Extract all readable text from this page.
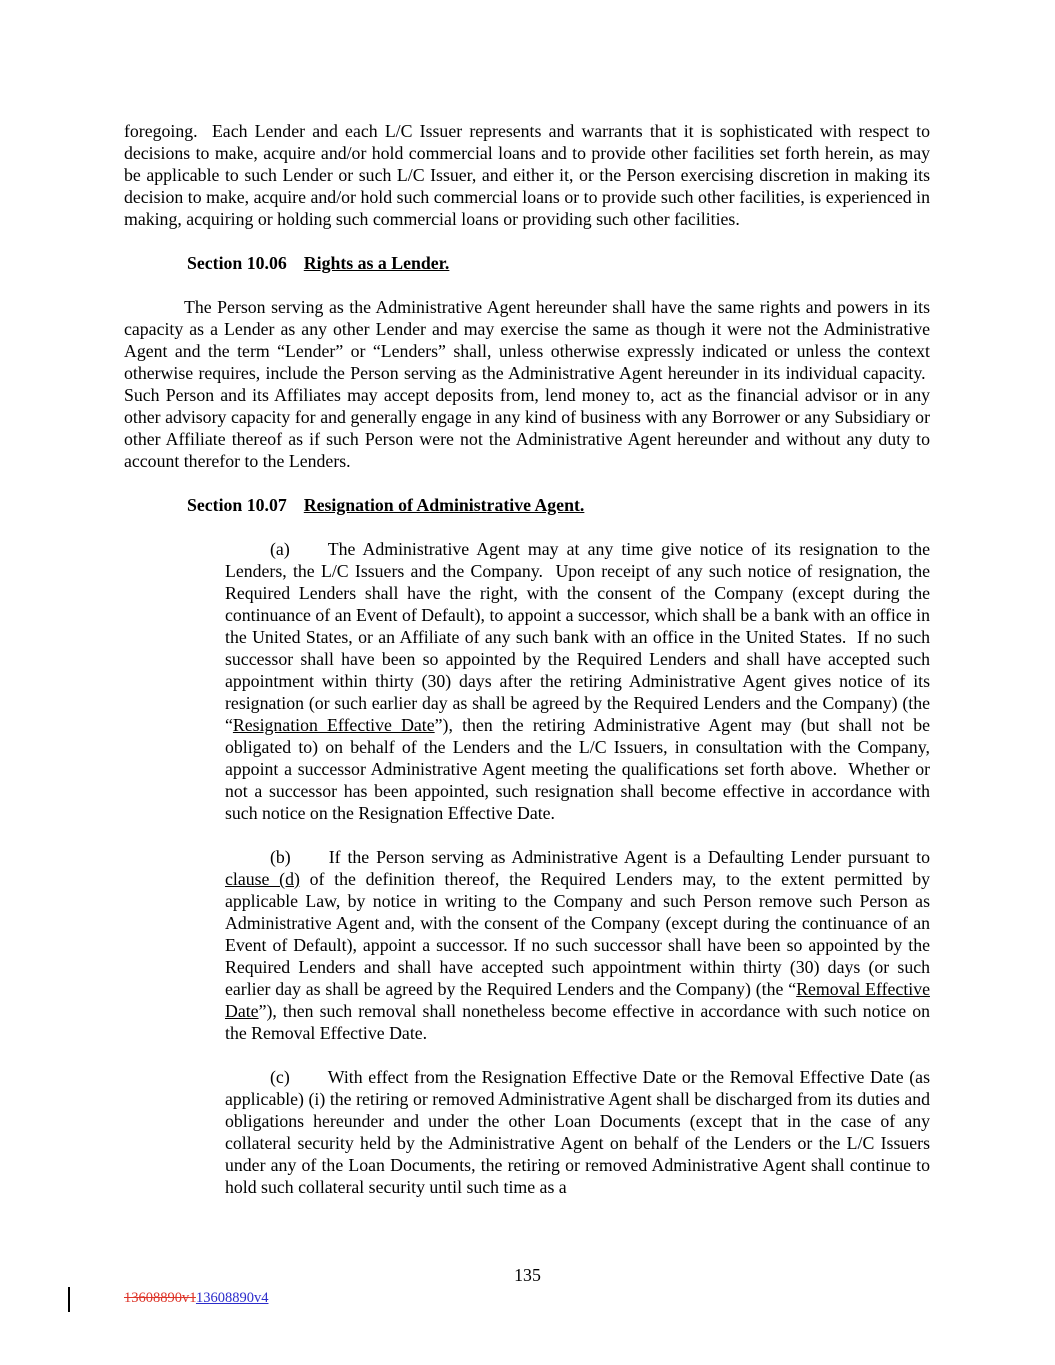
foregoing.  Each Lender and each L/C Issuer represents and warrants that it is sophisticated with respect to decisions to make, acquire and/or hold commercial loans and to provide other facilities set forth herein, as may be applicable to such Lender or such L/C Issuer, and either it, or the Person exercising discretion in making its decision to make, acquire and/or hold such commercial loans or to provide such other facilities, is experienced in making, acquiring or holding such commercial loans or providing such other facilities.

Section 10.06 Rights as a Lender.

The Person serving as the Administrative Agent hereunder shall have the same rights and powers in its capacity as a Lender as any other Lender and may exercise the same as though it were not the Administrative Agent and the term “Lender” or “Lenders” shall, unless otherwise expressly indicated or unless the context otherwise requires, include the Person serving as the Administrative Agent hereunder in its individual capacity.  Such Person and its Affiliates may accept deposits from, lend money to, act as the financial advisor or in any other advisory capacity for and generally engage in any kind of business with any Borrower or any Subsidiary or other Affiliate thereof as if such Person were not the Administrative Agent hereunder and without any duty to account therefor to the Lenders.

Section 10.07 Resignation of Administrative Agent.

(a) The Administrative Agent may at any time give notice of its resignation to the Lenders, the L/C Issuers and the Company.  Upon receipt of any such notice of resignation, the Required Lenders shall have the right, with the consent of the Company (except during the continuance of an Event of Default), to appoint a successor, which shall be a bank with an office in the United States, or an Affiliate of any such bank with an office in the United States.  If no such successor shall have been so appointed by the Required Lenders and shall have accepted such appointment within thirty (30) days after the retiring Administrative Agent gives notice of its resignation (or such earlier day as shall be agreed by the Required Lenders and the Company) (the “Resignation Effective Date”), then the retiring Administrative Agent may (but shall not be obligated to) on behalf of the Lenders and the L/C Issuers, in consultation with the Company, appoint a successor Administrative Agent meeting the qualifications set forth above.  Whether or not a successor has been appointed, such resignation shall become effective in accordance with such notice on the Resignation Effective Date.

(b) If the Person serving as Administrative Agent is a Defaulting Lender pursuant to clause (d) of the definition thereof, the Required Lenders may, to the extent permitted by applicable Law, by notice in writing to the Company and such Person remove such Person as Administrative Agent and, with the consent of the Company (except during the continuance of an Event of Default), appoint a successor. If no such successor shall have been so appointed by the Required Lenders and shall have accepted such appointment within thirty (30) days (or such earlier day as shall be agreed by the Required Lenders and the Company) (the “Removal Effective Date”), then such removal shall nonetheless become effective in accordance with such notice on the Removal Effective Date.

(c) With effect from the Resignation Effective Date or the Removal Effective Date (as applicable) (i) the retiring or removed Administrative Agent shall be discharged from its duties and obligations hereunder and under the other Loan Documents (except that in the case of any collateral security held by the Administrative Agent on behalf of the Lenders or the L/C Issuers under any of the Loan Documents, the retiring or removed Administrative Agent shall continue to hold such collateral security until such time as a

135
13608890v113608890v4
